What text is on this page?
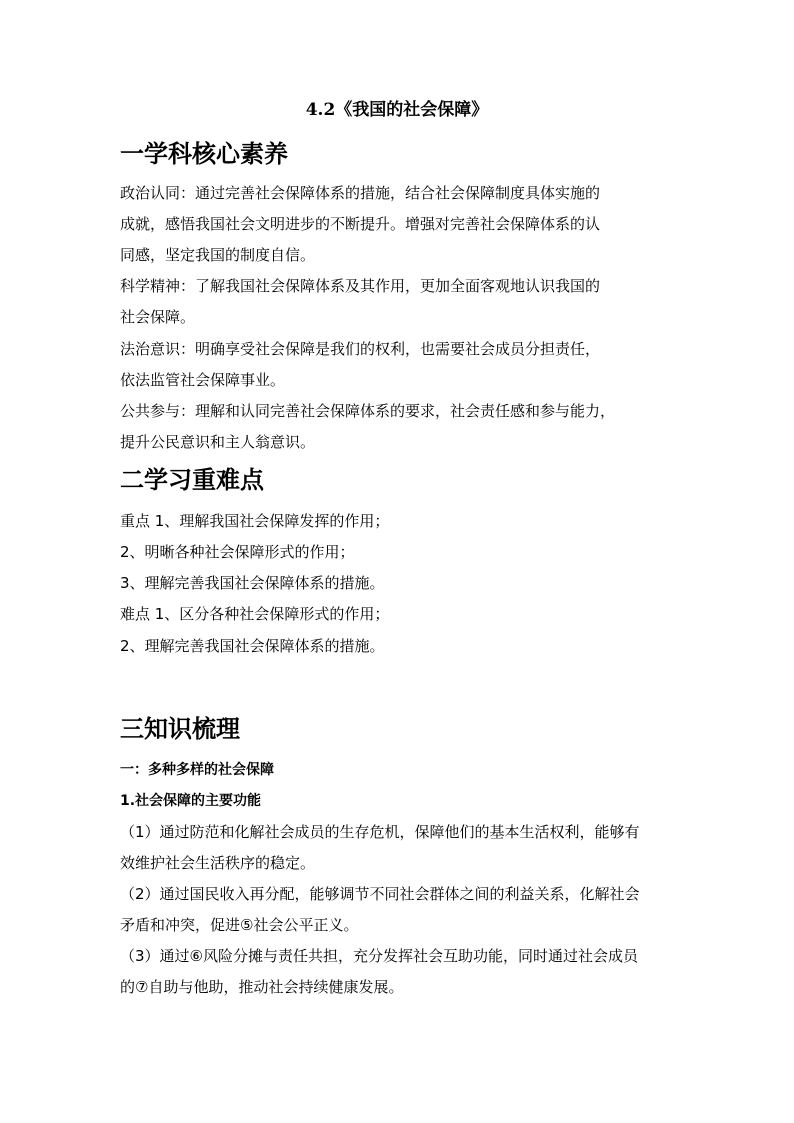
4.2《我国的社会保障》
一学科核心素养

政治认同：通过完善社会保障体系的措施，结合社会保障制度具体实施的

成就，感悟我国社会文明进步的不断提升。增强对完善社会保障体系的认

同感，坚定我国的制度自信。

科学精神：了解我国社会保障体系及其作用，更加全面客观地认识我国的

社会保障。

法治意识：明确享受社会保障是我们的权利，也需要社会成员分担责任，

依法监管社会保障事业。

公共参与：理解和认同完善社会保障体系的要求，社会责任感和参与能力，

提升公民意识和主人翁意识。

二学习重难点

重点 1、理解我国社会保障发挥的作用；

2、明晰各种社会保障形式的作用；

3、理解完善我国社会保障体系的措施。

难点 1、区分各种社会保障形式的作用；

2、理解完善我国社会保障体系的措施。

三知识梳理

一：多种多样的社会保障

1.社会保障的主要功能

（1）通过防范和化解社会成员的生存危机，保障他们的基本生活权利，能够有

效维护社会生活秩序的稳定。

（2）通过国民收入再分配，能够调节不同社会群体之间的利益关系，化解社会

矛盾和冲突，促进⑤社会公平正义。

（3）通过⑥风险分摊与责任共担，充分发挥社会互助功能，同时通过社会成员

的⑦自助与他助，推动社会持续健康发展。
